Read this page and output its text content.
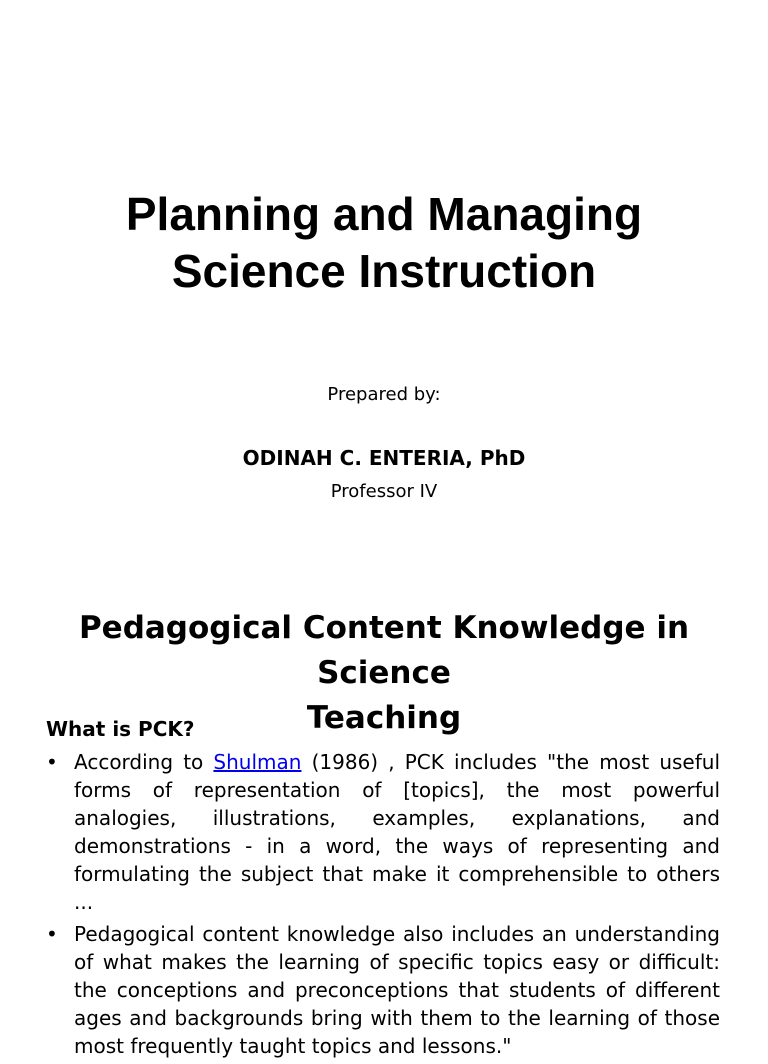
Planning and Managing
Science Instruction
Prepared by:
ODINAH C. ENTERIA, PhD
Professor IV
Pedagogical Content Knowledge in Science
Teaching
What is PCK?
• According to Shulman (1986) , PCK includes "the most useful forms of representation of [topics], the most powerful analogies, illustrations, examples, explanations, and demonstrations - in a word, the ways of representing and formulating the subject that make it comprehensible to others ...
• Pedagogical content knowledge also includes an understanding of what makes the learning of specific topics easy or difficult: the conceptions and preconceptions that students of different ages and backgrounds bring with them to the learning of those most frequently taught topics and lessons."
